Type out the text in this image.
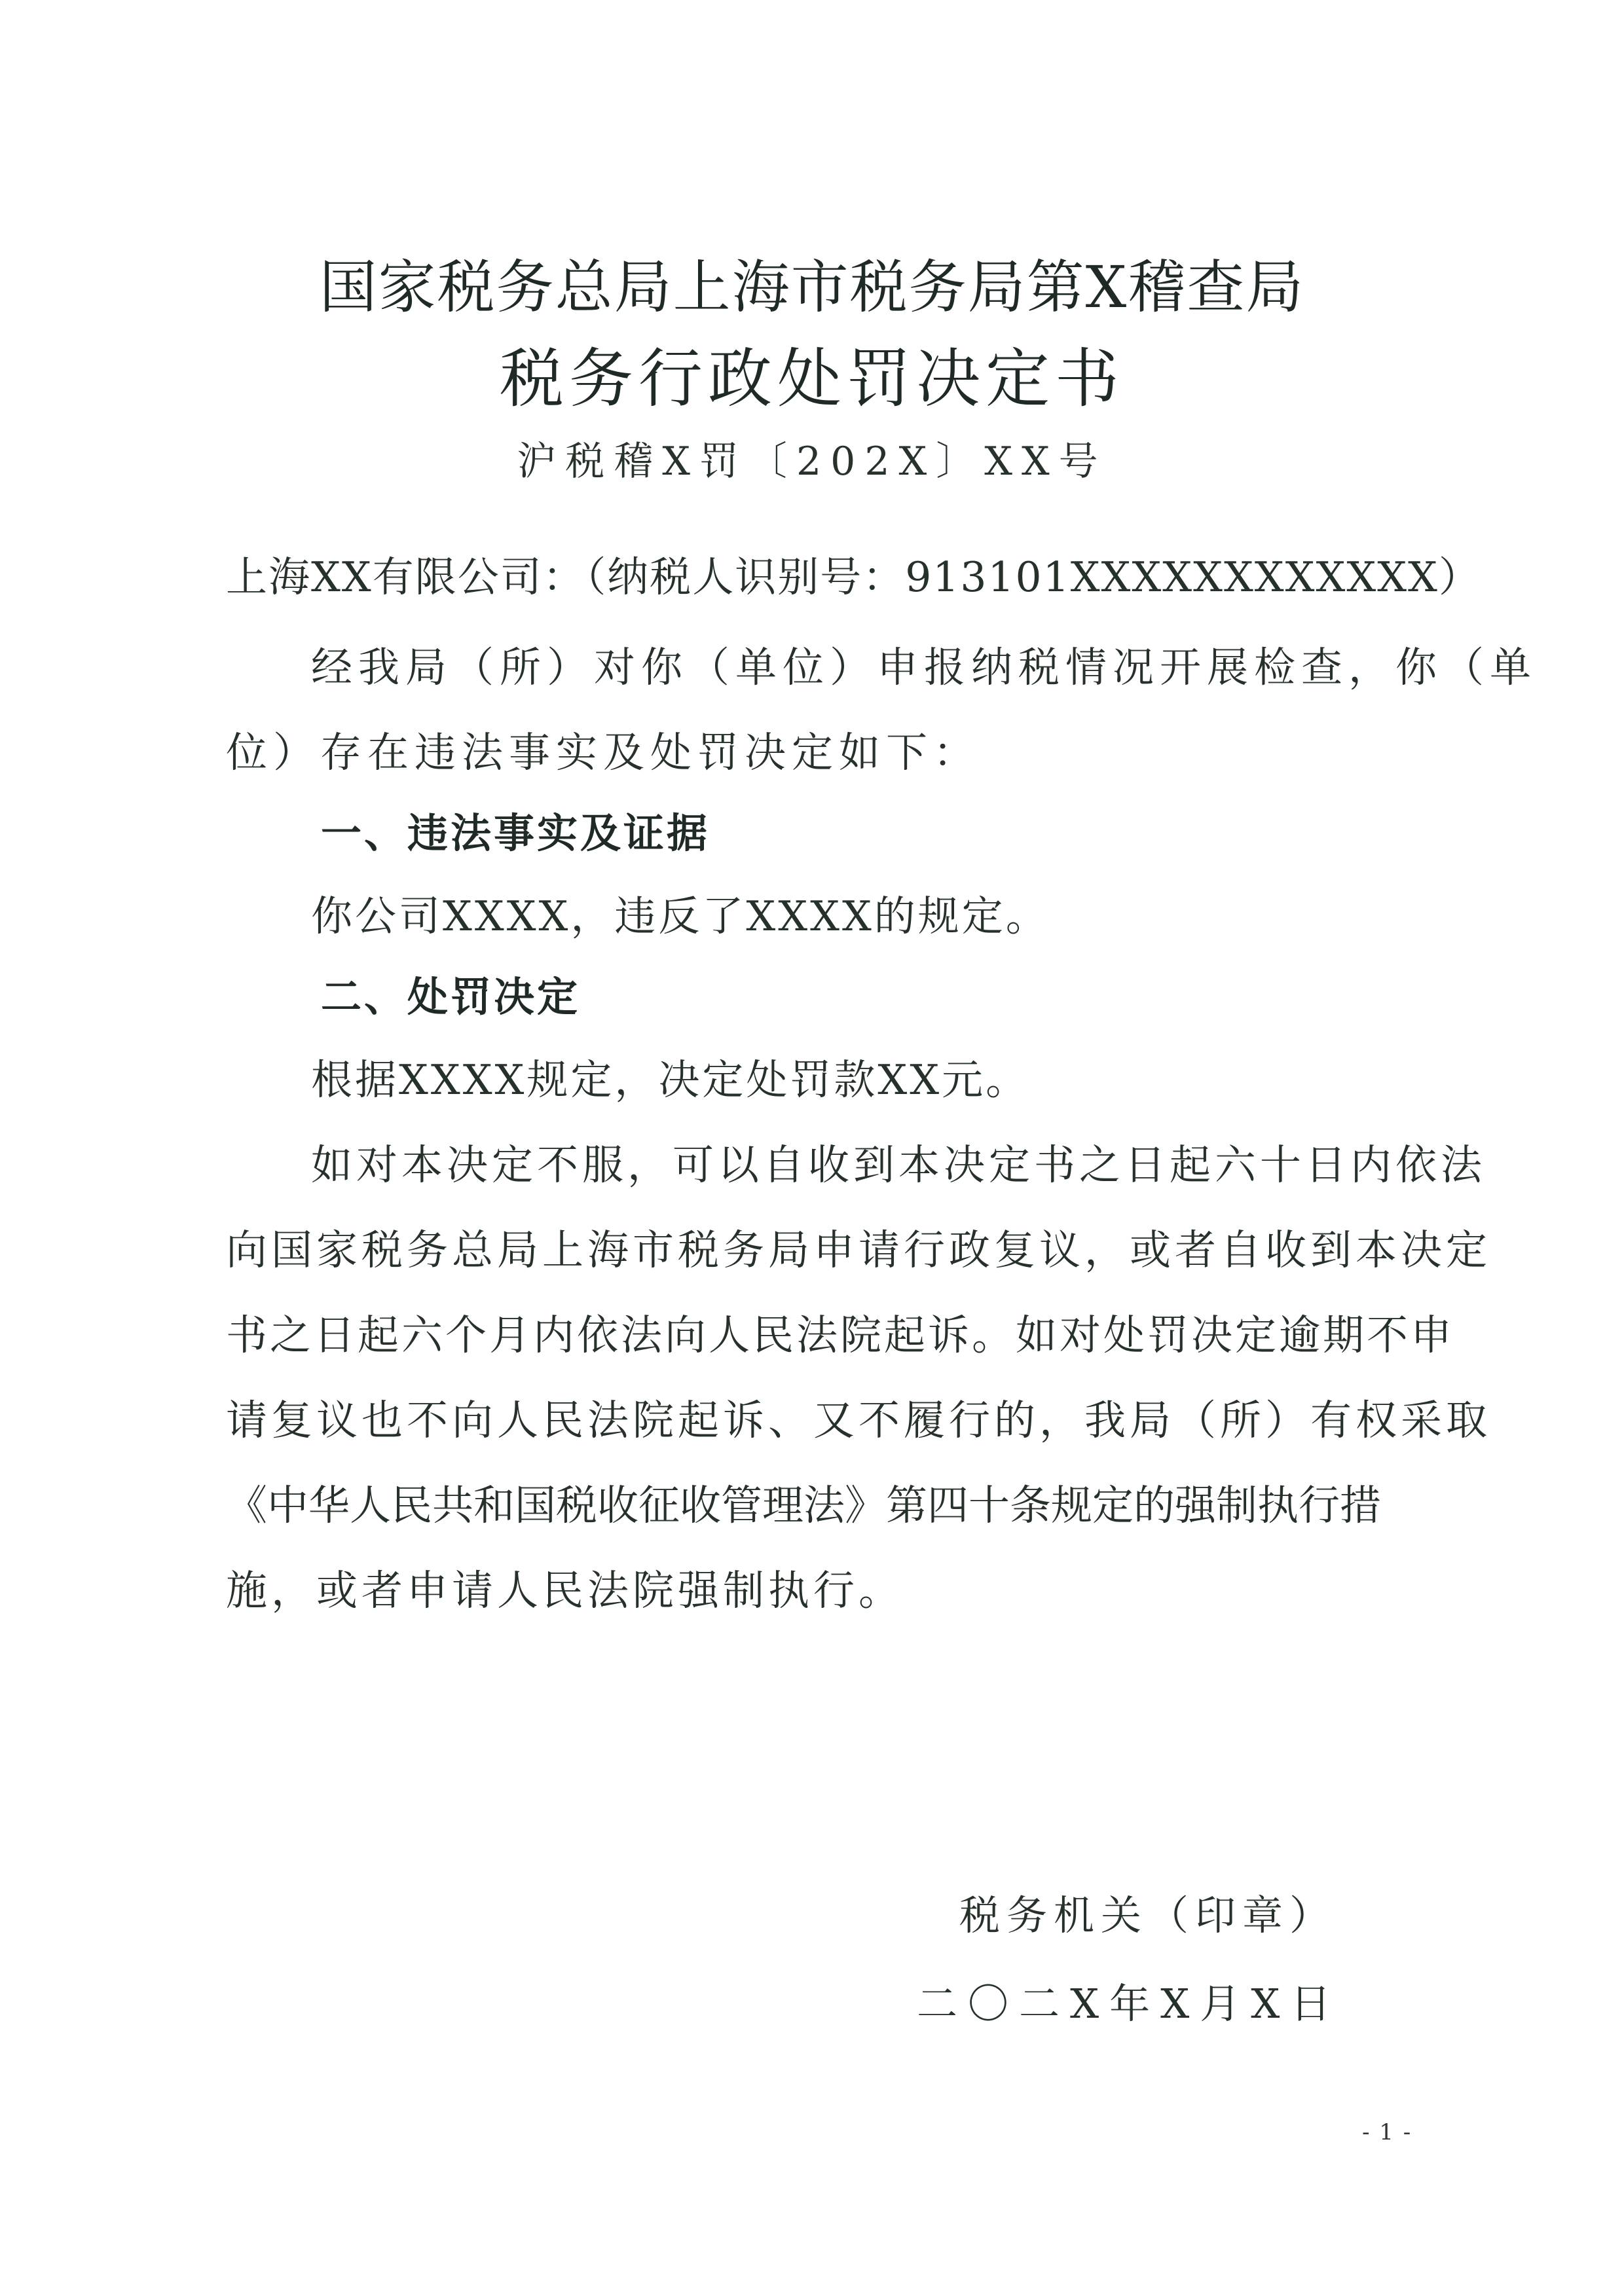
国家税务总局上海市税务局第X稽查局
税务行政处罚决定书
沪税稽X罚〔202X〕XX号
上海XX有限公司：（纳税人识别号：913101XXXXXXXXXXXX）
经我局（所）对你（单位）申报纳税情况开展检查，你（单
位）存在违法事实及处罚决定如下：
一、违法事实及证据
你公司XXXX，违反了XXXX的规定。
二、处罚决定
根据XXXX规定，决定处罚款XX元。
如对本决定不服，可以自收到本决定书之日起六十日内依法
向国家税务总局上海市税务局申请行政复议，或者自收到本决定
书之日起六个月内依法向人民法院起诉。如对处罚决定逾期不申
请复议也不向人民法院起诉、又不履行的，我局（所）有权采取
《中华人民共和国税收征收管理法》第四十条规定的强制执行措
施，或者申请人民法院强制执行。
税务机关（印章）
二〇二X年X月X日
- 1 -
